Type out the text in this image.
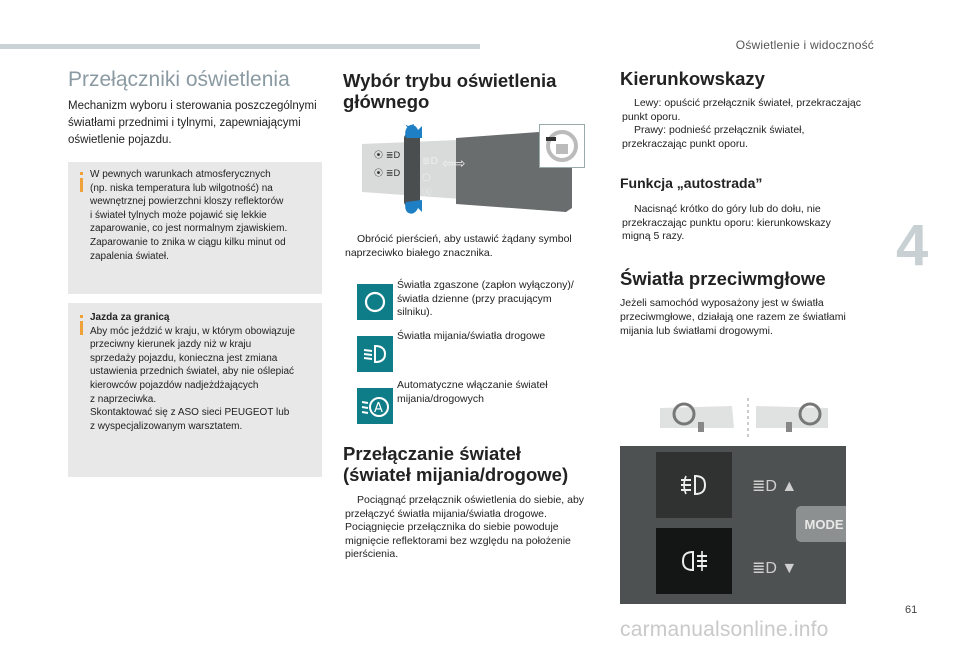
Oświetlenie i widoczność
4
61
carmanualsonline.info
Przełączniki oświetlenia
Mechanizm wyboru i sterowania poszczególnymi światłami przednimi i tylnymi, zapewniającymi oświetlenie pojazdu.
W pewnych warunkach atmosferycznych
(np. niska temperatura lub wilgotność) na
wewnętrznej powierzchni kloszy reflektorów
i świateł tylnych może pojawić się lekkie
zaparowanie, co jest normalnym zjawiskiem.
Zaparowanie to znika w ciągu kilku minut od
zapalenia świateł.
Jazda za granicą
Aby móc jeździć w kraju, w którym obowiązuje
przeciwny kierunek jazdy niż w kraju
sprzedaży pojazdu, konieczna jest zmiana
ustawienia przednich świateł, aby nie oślepiać
kierowców pojazdów nadjeżdżających
z naprzeciwka.
Skontaktować się z ASO sieci PEUGEOT lub
z wyspecjalizowanym warsztatem.
Wybór trybu oświetlenia głównego
⦿ ≣D
⦿ ≣D
≣D
○
Ⓐ
⇦⇨
Obrócić pierścień, aby ustawić żądany symbol naprzeciwko białego znacznika.
Światła zgaszone (zapłon wyłączony)/ światła dzienne (przy pracującym silniku).
Światła mijania/światła drogowe
A
Automatyczne włączanie świateł mijania/drogowych
Przełączanie świateł (świateł mijania/drogowe)
Pociągnąć przełącznik oświetlenia do siebie, aby przełączyć światła mijania/światła drogowe.
Pociągnięcie przełącznika do siebie powoduje mignięcie reflektorami bez względu na położenie pierścienia.
Kierunkowskazy
Lewy: opuścić przełącznik świateł, przekraczając punkt oporu.
Prawy: podnieść przełącznik świateł, przekraczając punkt oporu.
Funkcja „autostrada”
Nacisnąć krótko do góry lub do dołu, nie przekraczając punktu oporu: kierunkowskazy migną 5 razy.
Światła przeciwmgłowe
Jeżeli samochód wyposażony jest w światła przeciwmgłowe, działają one razem ze światłami mijania lub światłami drogowymi.
≣D ▲
≣D ▼
MODE
